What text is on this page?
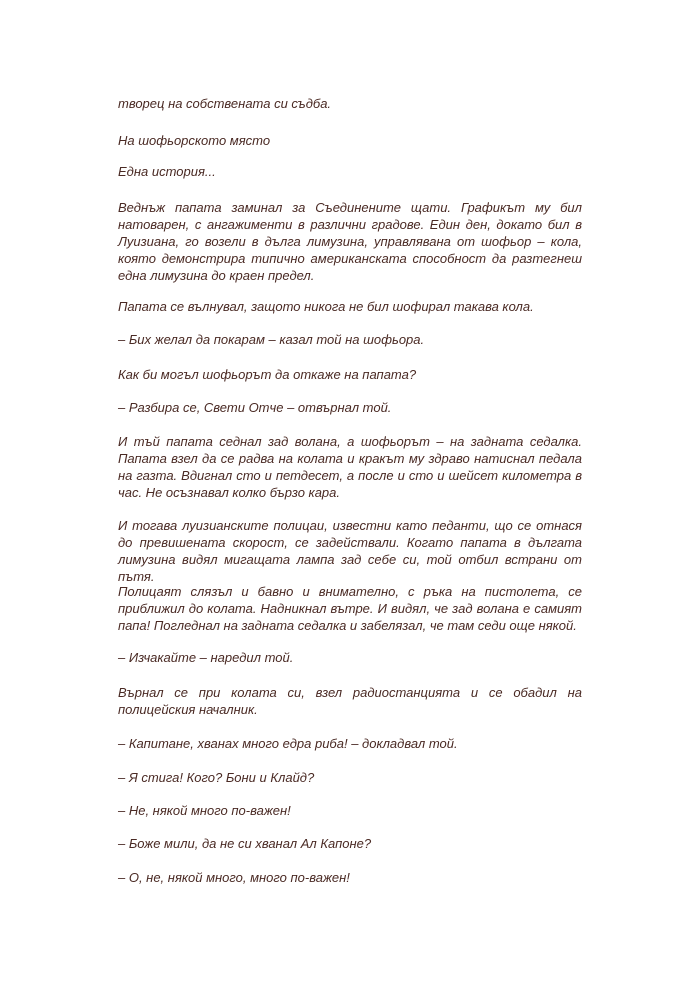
творец на собствената си съдба.

На шофьорското място

Една история...

Веднъж папата заминал за Съединените щати. Графикът му бил натоварен, с ангажименти в различни градове. Един ден, докато бил в Луизиана, го возели в дълга лимузина, управлявана от шофьор – кола, която демонстрира типично американската способност да разтегнеш една лимузина до краен предел.

Папата се вълнувал, защото никога не бил шофирал такава кола.

– Бих желал да покарам – казал той на шофьора.

Как би могъл шофьорът да откаже на папата?

– Разбира се, Свети Отче – отвърнал той.

И тъй папата седнал зад волана, а шофьорът – на задната седалка. Папата взел да се радва на колата и кракът му здраво натиснал педала на газта. Вдигнал сто и петдесет, а после и сто и шейсет километра в час. Не осъзнавал колко бързо кара.

И тогава луизианските полицаи, известни като педанти, що се отнася до превишената скорост, се задействали. Когато папата в дългата лимузина видял мигащата лампа зад себе си, той отбил встрани от пътя.

Полицаят слязъл и бавно и внимателно, с ръка на пистолета, се приближил до колата. Надникнал вътре. И видял, че зад волана е самият папа! Погледнал на задната седалка и забелязал, че там седи още някой.

– Изчакайте – наредил той.

Върнал се при колата си, взел радиостанцията и се обадил на полицейския началник.

– Капитане, хванах много едра риба! – докладвал той.

– Я стига! Кого? Бони и Клайд?

– Не, някой много по-важен!

– Боже мили, да не си хванал Ал Капоне?

– О, не, някой много, много по-важен!
